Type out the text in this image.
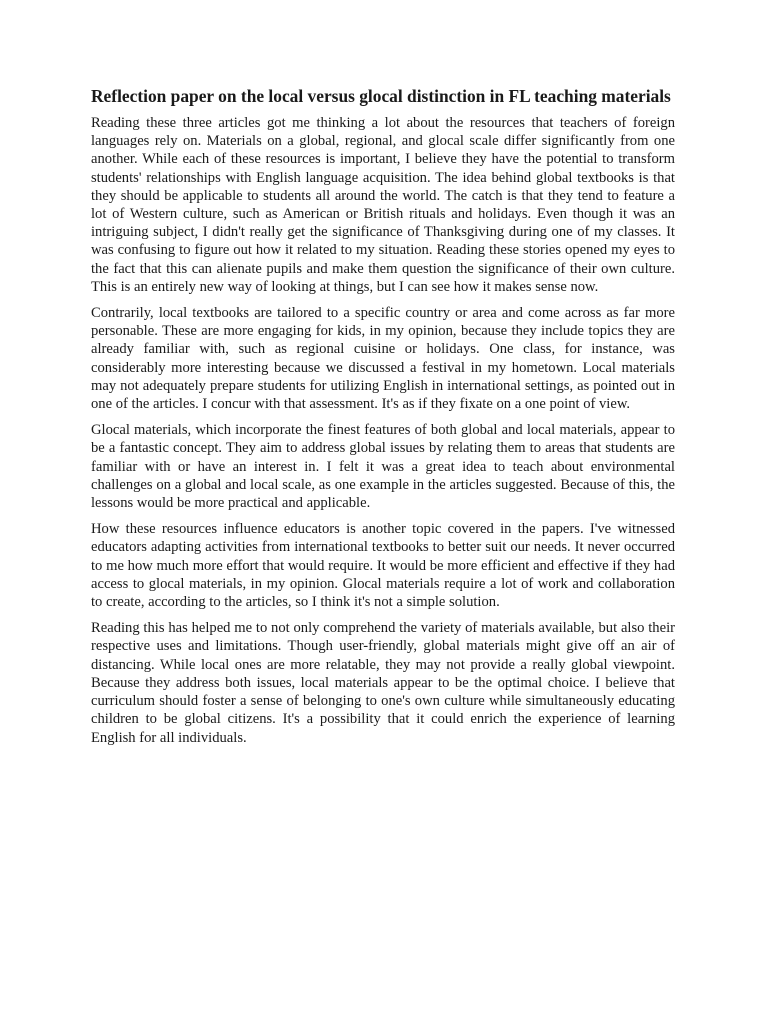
Reflection paper on the local versus glocal distinction in FL teaching materials

Reading these three articles got me thinking a lot about the resources that teachers of foreign languages rely on. Materials on a global, regional, and glocal scale differ significantly from one another. While each of these resources is important, I believe they have the potential to transform students' relationships with English language acquisition. The idea behind global textbooks is that they should be applicable to students all around the world. The catch is that they tend to feature a lot of Western culture, such as American or British rituals and holidays. Even though it was an intriguing subject, I didn't really get the significance of Thanksgiving during one of my classes. It was confusing to figure out how it related to my situation. Reading these stories opened my eyes to the fact that this can alienate pupils and make them question the significance of their own culture. This is an entirely new way of looking at things, but I can see how it makes sense now.

Contrarily, local textbooks are tailored to a specific country or area and come across as far more personable. These are more engaging for kids, in my opinion, because they include topics they are already familiar with, such as regional cuisine or holidays. One class, for instance, was considerably more interesting because we discussed a festival in my hometown. Local materials may not adequately prepare students for utilizing English in international settings, as pointed out in one of the articles. I concur with that assessment. It's as if they fixate on a one point of view.

Glocal materials, which incorporate the finest features of both global and local materials, appear to be a fantastic concept. They aim to address global issues by relating them to areas that students are familiar with or have an interest in. I felt it was a great idea to teach about environmental challenges on a global and local scale, as one example in the articles suggested. Because of this, the lessons would be more practical and applicable.

How these resources influence educators is another topic covered in the papers. I've witnessed educators adapting activities from international textbooks to better suit our needs. It never occurred to me how much more effort that would require. It would be more efficient and effective if they had access to glocal materials, in my opinion. Glocal materials require a lot of work and collaboration to create, according to the articles, so I think it's not a simple solution.

Reading this has helped me to not only comprehend the variety of materials available, but also their respective uses and limitations. Though user-friendly, global materials might give off an air of distancing. While local ones are more relatable, they may not provide a really global viewpoint. Because they address both issues, local materials appear to be the optimal choice. I believe that curriculum should foster a sense of belonging to one's own culture while simultaneously educating children to be global citizens. It's a possibility that it could enrich the experience of learning English for all individuals.
